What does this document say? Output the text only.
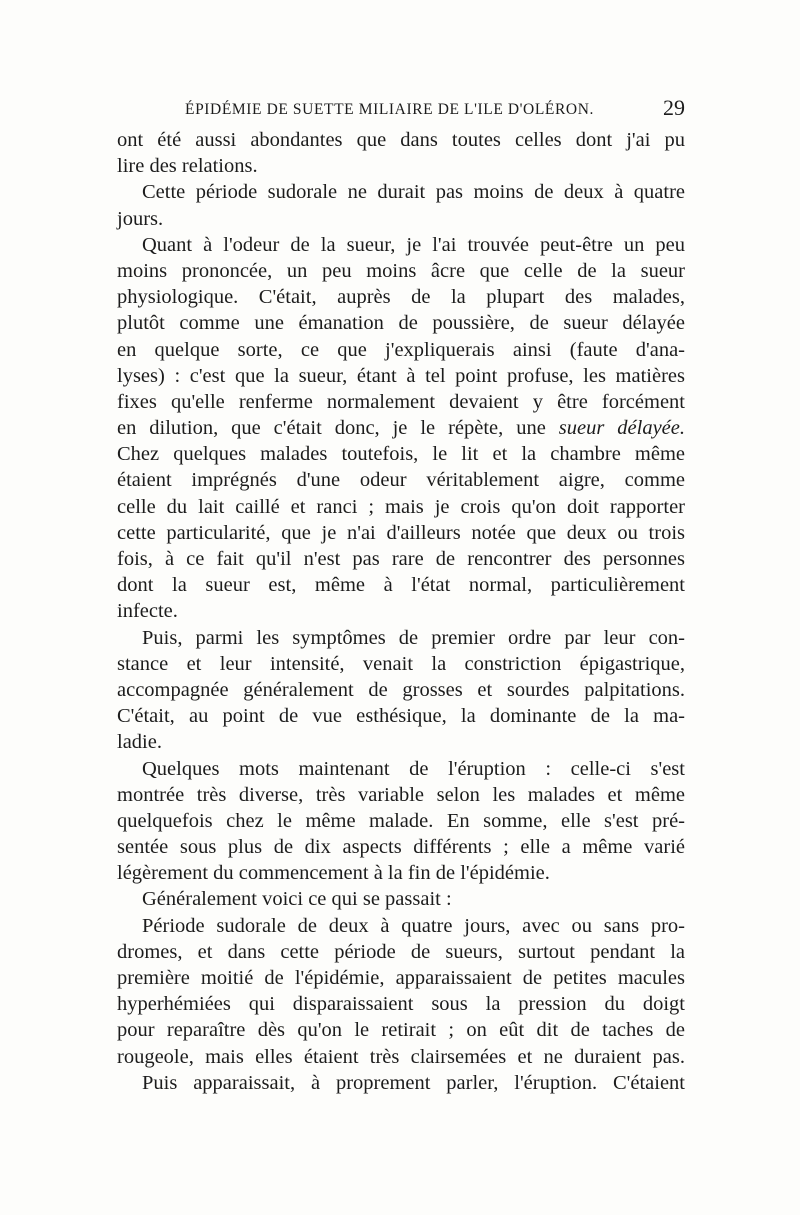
ÉPIDÉMIE DE SUETTE MILIAIRE DE L'ILE D'OLÉRON.	29
ont été aussi abondantes que dans toutes celles dont j'ai pu
lire des relations.
Cette période sudorale ne durait pas moins de deux à quatre
jours.
Quant à l'odeur de la sueur, je l'ai trouvée peut-être un peu
moins prononcée, un peu moins âcre que celle de la sueur
physiologique. C'était, auprès de la plupart des malades,
plutôt comme une émanation de poussière, de sueur délayée
en quelque sorte, ce que j'expliquerais ainsi (faute d'ana-
lyses) : c'est que la sueur, étant à tel point profuse, les matières
fixes qu'elle renferme normalement devaient y être forcément
en dilution, que c'était donc, je le répète, une sueur délayée.
Chez quelques malades toutefois, le lit et la chambre même
étaient imprégnés d'une odeur véritablement aigre, comme
celle du lait caillé et ranci ; mais je crois qu'on doit rapporter
cette particularité, que je n'ai d'ailleurs notée que deux ou trois
fois, à ce fait qu'il n'est pas rare de rencontrer des personnes
dont la sueur est, même à l'état normal, particulièrement
infecte.
Puis, parmi les symptômes de premier ordre par leur con-
stance et leur intensité, venait la constriction épigastrique,
accompagnée généralement de grosses et sourdes palpitations.
C'était, au point de vue esthésique, la dominante de la ma-
ladie.
Quelques mots maintenant de l'éruption : celle-ci s'est
montrée très diverse, très variable selon les malades et même
quelquefois chez le même malade. En somme, elle s'est pré-
sentée sous plus de dix aspects différents ; elle a même varié
légèrement du commencement à la fin de l'épidémie.
Généralement voici ce qui se passait :
Période sudorale de deux à quatre jours, avec ou sans pro-
dromes, et dans cette période de sueurs, surtout pendant la
première moitié de l'épidémie, apparaissaient de petites macules
hyperhémiées qui disparaissaient sous la pression du doigt
pour reparaître dès qu'on le retirait ; on eût dit de taches de
rougeole, mais elles étaient très clairsemées et ne duraient pas.
Puis apparaissait, à proprement parler, l'éruption. C'étaient
